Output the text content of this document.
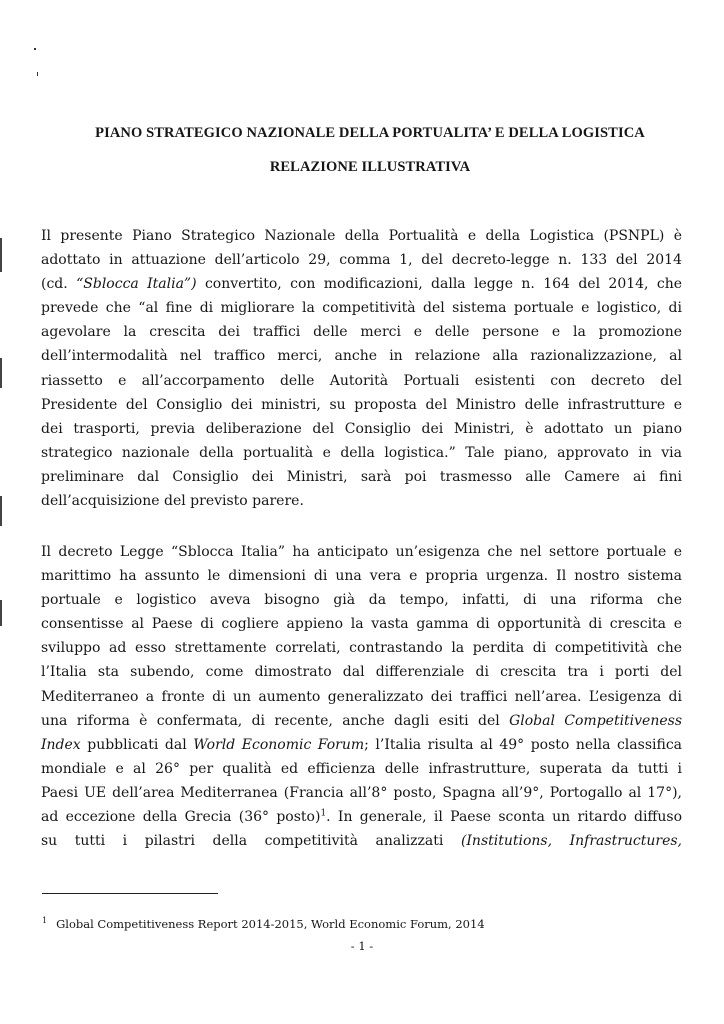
PIANO STRATEGICO NAZIONALE DELLA PORTUALITA’ E DELLA LOGISTICA
RELAZIONE ILLUSTRATIVA
Il presente Piano Strategico Nazionale della Portualità e della Logistica (PSNPL) è
adottato in attuazione dell’articolo 29, comma 1, del decreto-legge n. 133 del 2014
(cd. “Sblocca Italia”) convertito, con modificazioni, dalla legge n. 164 del 2014, che
prevede che “al fine di migliorare la competitività del sistema portuale e logistico, di
agevolare la crescita dei traffici delle merci e delle persone e la promozione
dell’intermodalità nel traffico merci, anche in relazione alla razionalizzazione, al
riassetto e all’accorpamento delle Autorità Portuali esistenti con decreto del
Presidente del Consiglio dei ministri, su proposta del Ministro delle infrastrutture e
dei trasporti, previa deliberazione del Consiglio dei Ministri, è adottato un piano
strategico nazionale della portualità e della logistica.” Tale piano, approvato in via
preliminare dal Consiglio dei Ministri, sarà poi trasmesso alle Camere ai fini
dell’acquisizione del previsto parere.
Il decreto Legge “Sblocca Italia” ha anticipato un’esigenza che nel settore portuale e
marittimo ha assunto le dimensioni di una vera e propria urgenza. Il nostro sistema
portuale e logistico aveva bisogno già da tempo, infatti, di una riforma che
consentisse al Paese di cogliere appieno la vasta gamma di opportunità di crescita e
sviluppo ad esso strettamente correlati, contrastando la perdita di competitività che
l’Italia sta subendo, come dimostrato dal differenziale di crescita tra i porti del
Mediterraneo a fronte di un aumento generalizzato dei traffici nell’area. L’esigenza di
una riforma è confermata, di recente, anche dagli esiti del Global Competitiveness
Index pubblicati dal World Economic Forum; l’Italia risulta al 49° posto nella classifica
mondiale e al 26° per qualità ed efficienza delle infrastrutture, superata da tutti i
Paesi UE dell’area Mediterranea (Francia all’8° posto, Spagna all’9°, Portogallo al 17°),
ad eccezione della Grecia (36° posto)$^1$. In generale, il Paese sconta un ritardo diffuso
su tutti i pilastri della competitività analizzati (Institutions, Infrastructures,
$^1$ Global Competitiveness Report 2014-2015, World Economic Forum, 2014
- 1 -
